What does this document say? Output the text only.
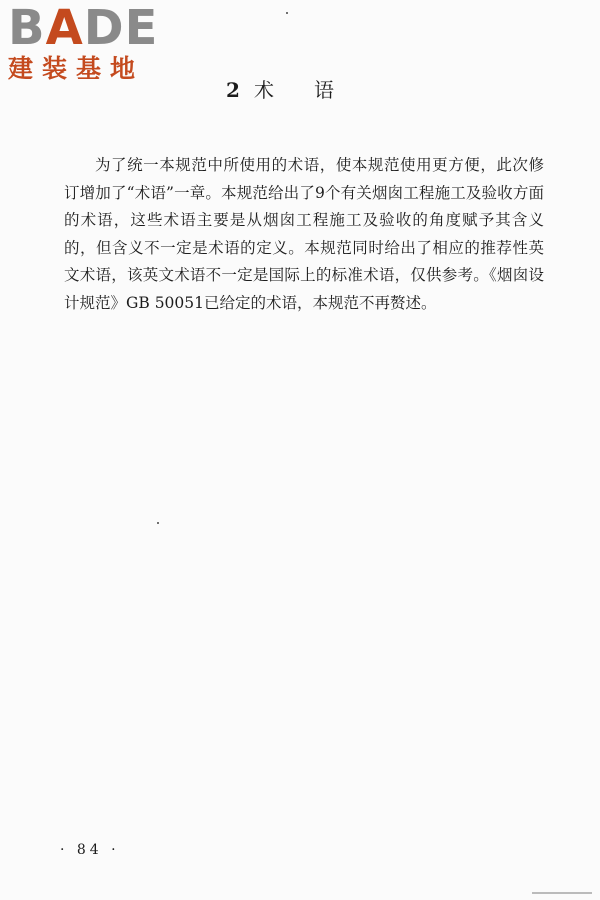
BADE
建装基地
2 术语

为了统一本规范中所使用的术语，使本规范使用更方便，此次修订增加了“术语”一章。本规范给出了9个有关烟囱工程施工及验收方面的术语，这些术语主要是从烟囱工程施工及验收的角度赋予其含义的，但含义不一定是术语的定义。本规范同时给出了相应的推荐性英文术语，该英文术语不一定是国际上的标准术语，仅供参考。《烟囱设计规范》GB 50051已给定的术语，本规范不再赘述。

· 84 ·
